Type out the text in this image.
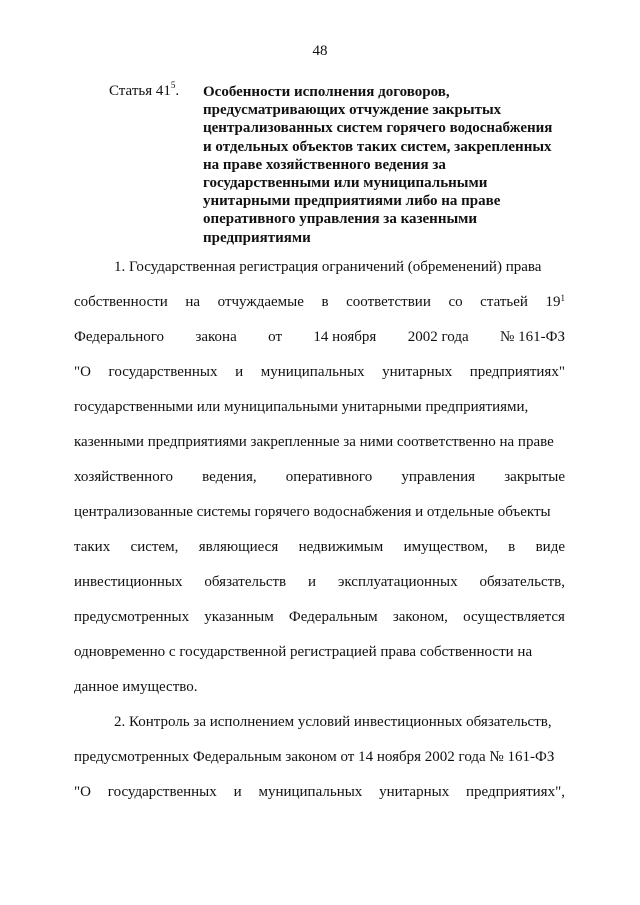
48
Статья $41^5$. Особенности исполнения договоров,
предусматривающих отчуждение закрытых
централизованных систем горячего водоснабжения
и отдельных объектов таких систем, закрепленных
на праве хозяйственного ведения за
государственными или муниципальными
унитарными предприятиями либо на праве
оперативного управления за казенными
предприятиями
1. Государственная регистрация ограничений (обременений) права
собственности на отчуждаемые в соответствии со статьей $19^1$
Федерального закона от 14 ноября 2002 года № 161-ФЗ
"О государственных и муниципальных унитарных предприятиях"
государственными или муниципальными унитарными предприятиями,
казенными предприятиями закрепленные за ними соответственно на праве
хозяйственного ведения, оперативного управления закрытые
централизованные системы горячего водоснабжения и отдельные объекты
таких систем, являющиеся недвижимым имуществом, в виде
инвестиционных обязательств и эксплуатационных обязательств,
предусмотренных указанным Федеральным законом, осуществляется
одновременно с государственной регистрацией права собственности на
данное имущество.
2. Контроль за исполнением условий инвестиционных обязательств,
предусмотренных Федеральным законом от 14 ноября 2002 года № 161-ФЗ
"О государственных и муниципальных унитарных предприятиях",
